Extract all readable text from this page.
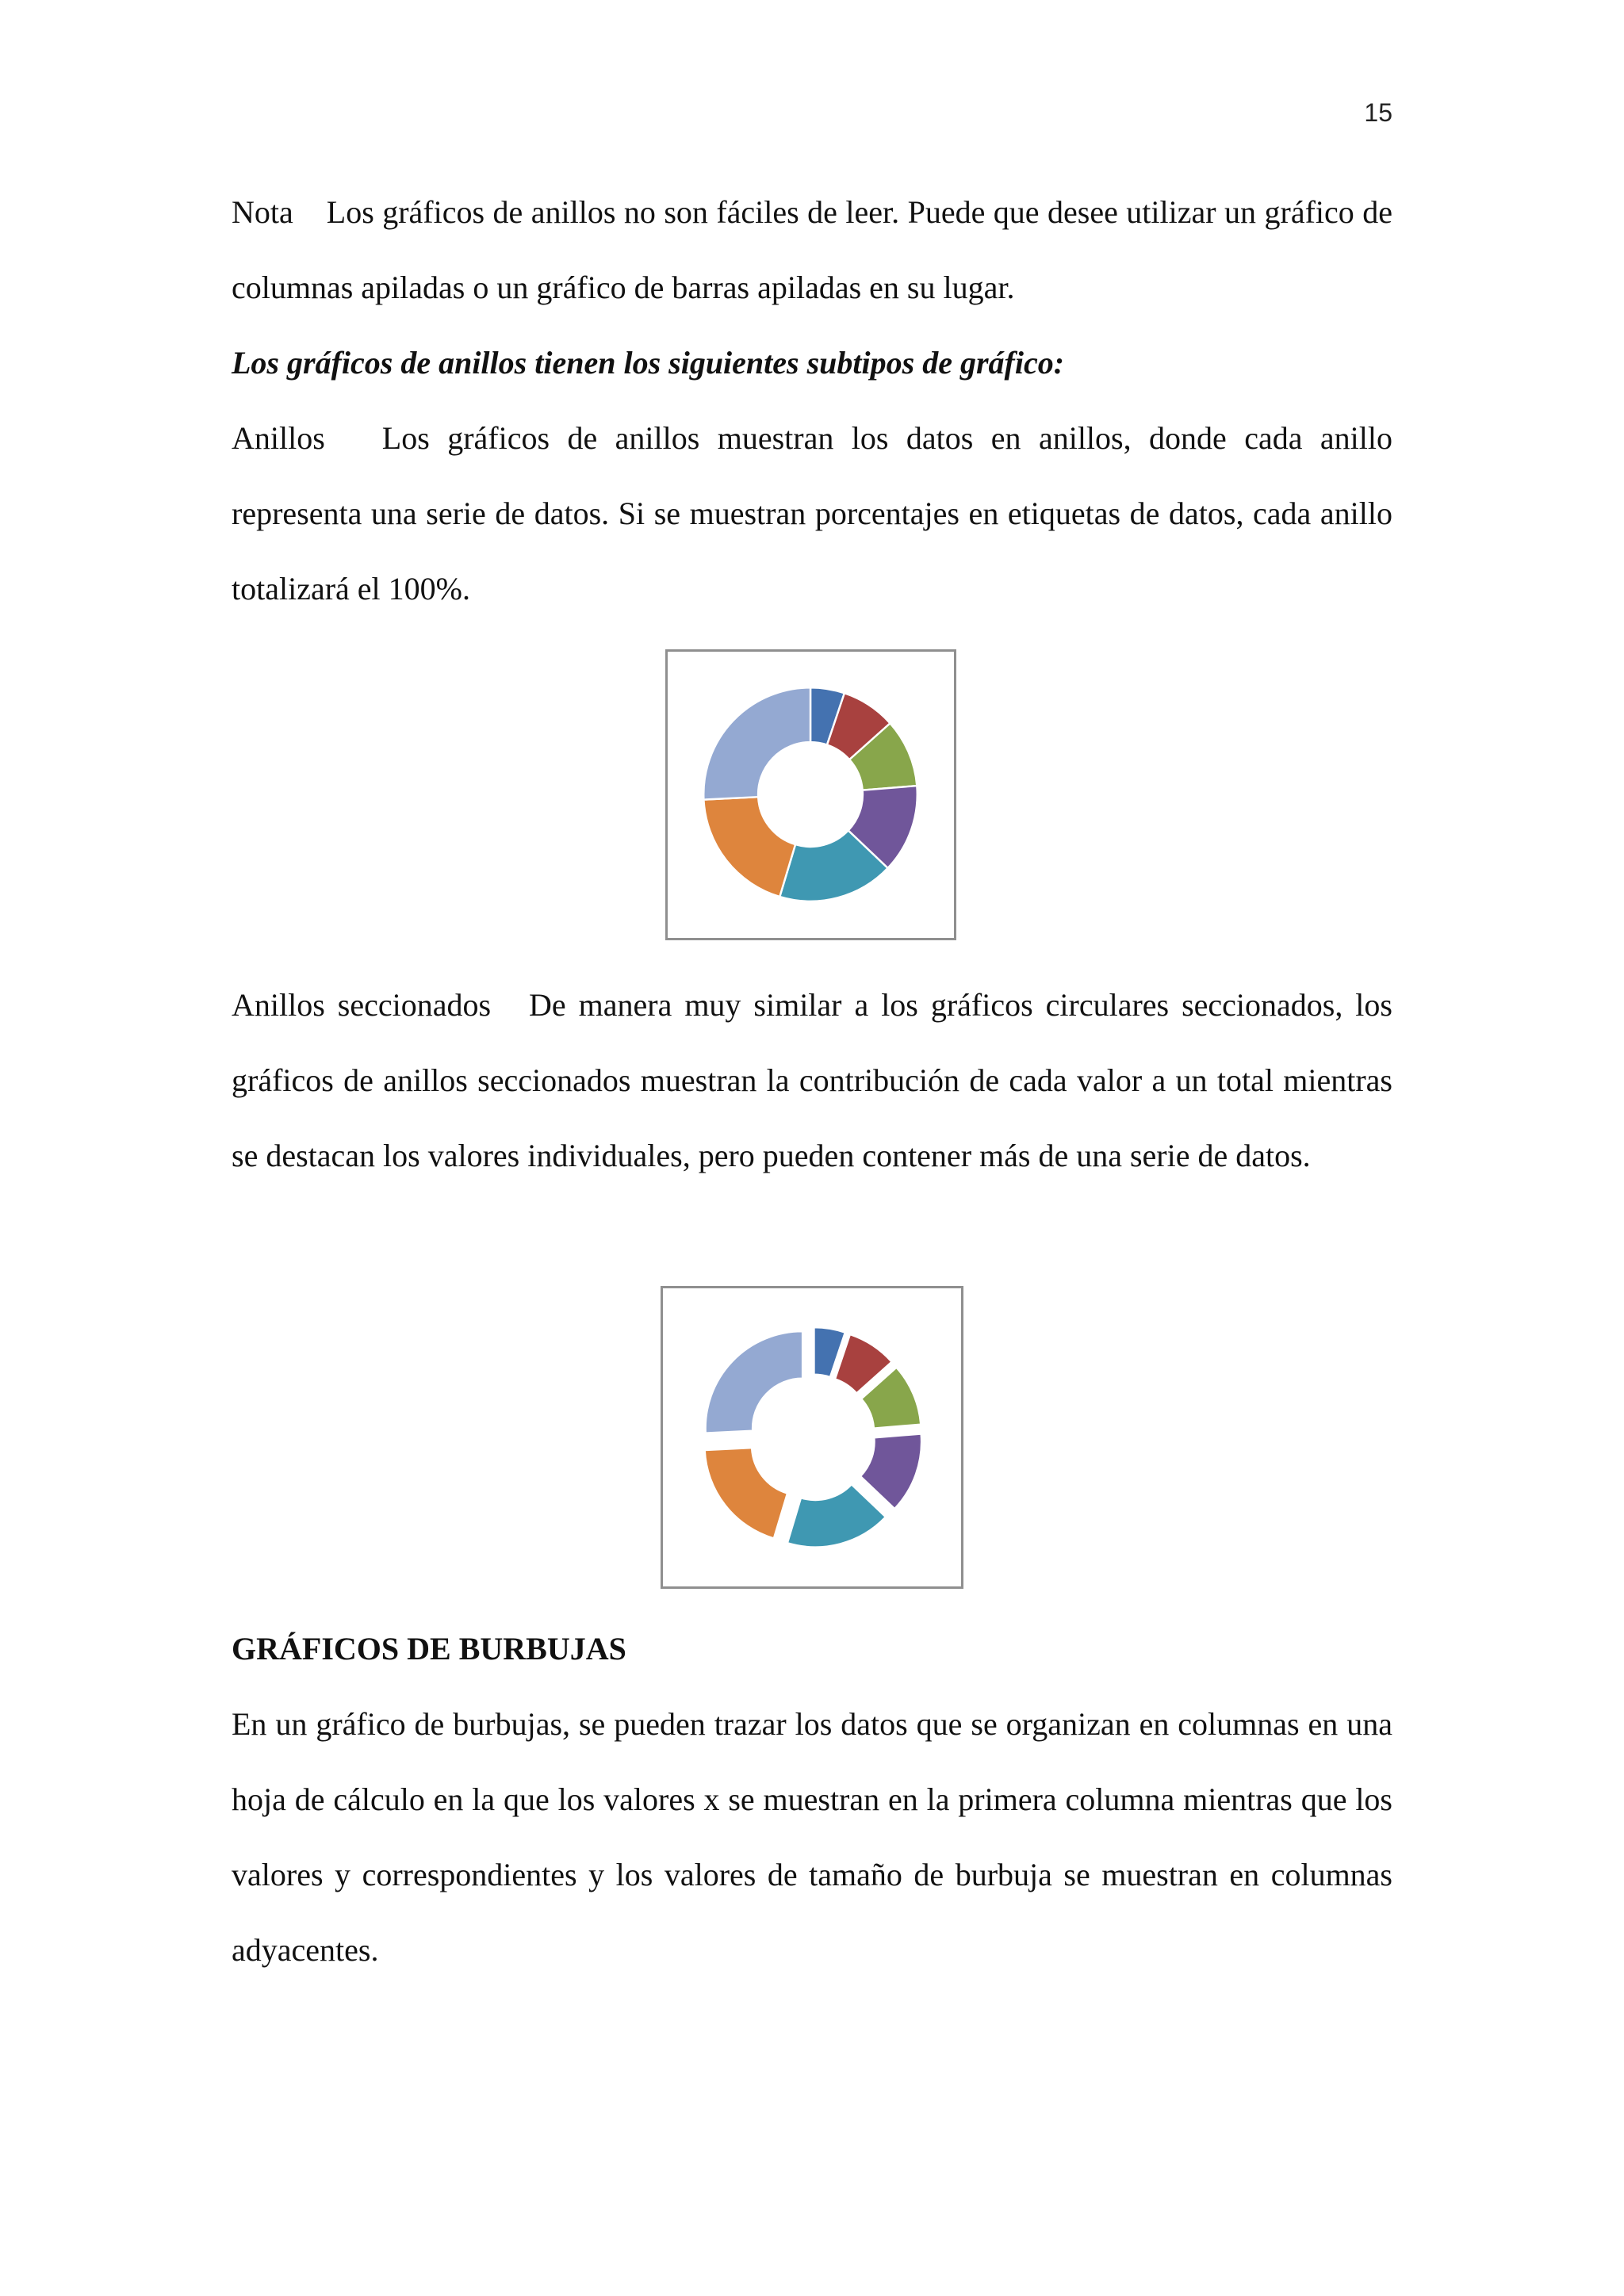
15

Nota Los gráficos de anillos no son fáciles de leer. Puede que desee utilizar un gráfico de columnas apiladas o un gráfico de barras apiladas en su lugar.

Los gráficos de anillos tienen los siguientes subtipos de gráfico:

Anillos Los gráficos de anillos muestran los datos en anillos, donde cada anillo representa una serie de datos. Si se muestran porcentajes en etiquetas de datos, cada anillo totalizará el 100%.

Anillos seccionados De manera muy similar a los gráficos circulares seccionados, los gráficos de anillos seccionados muestran la contribución de cada valor a un total mientras se destacan los valores individuales, pero pueden contener más de una serie de datos.

GRÁFICOS DE BURBUJAS

En un gráfico de burbujas, se pueden trazar los datos que se organizan en columnas en una hoja de cálculo en la que los valores x se muestran en la primera columna mientras que los valores y correspondientes y los valores de tamaño de burbuja se muestran en columnas adyacentes.
